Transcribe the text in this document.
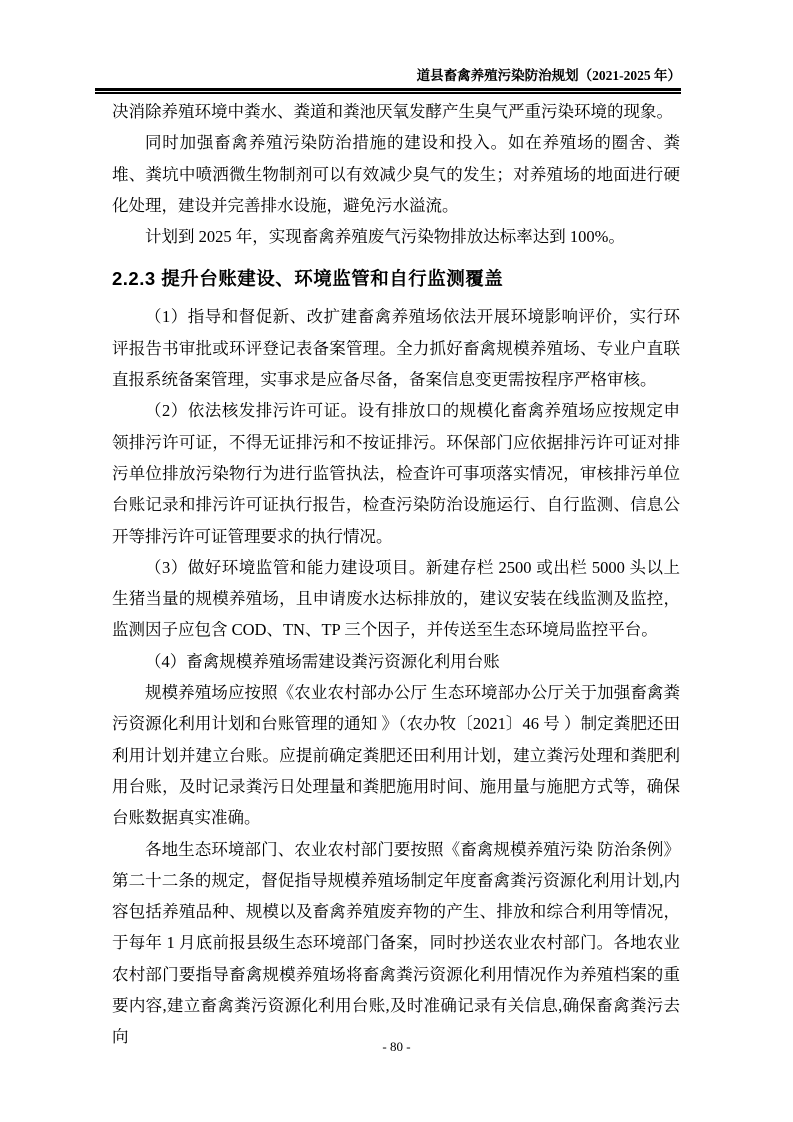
道县畜禽养殖污染防治规划（2021-2025 年）

决消除养殖环境中粪水、粪道和粪池厌氧发酵产生臭气严重污染环境的现象。

同时加强畜禽养殖污染防治措施的建设和投入。如在养殖场的圈舍、粪堆、粪坑中喷洒微生物制剂可以有效减少臭气的发生；对养殖场的地面进行硬化处理，建设并完善排水设施，避免污水溢流。

计划到 2025 年，实现畜禽养殖废气污染物排放达标率达到 100%。

2.2.3 提升台账建设、环境监管和自行监测覆盖

（1）指导和督促新、改扩建畜禽养殖场依法开展环境影响评价，实行环评报告书审批或环评登记表备案管理。全力抓好畜禽规模养殖场、专业户直联直报系统备案管理，实事求是应备尽备，备案信息变更需按程序严格审核。

（2）依法核发排污许可证。设有排放口的规模化畜禽养殖场应按规定申领排污许可证，不得无证排污和不按证排污。环保部门应依据排污许可证对排污单位排放污染物行为进行监管执法，检查许可事项落实情况，审核排污单位台账记录和排污许可证执行报告，检查污染防治设施运行、自行监测、信息公开等排污许可证管理要求的执行情况。

（3）做好环境监管和能力建设项目。新建存栏 2500 或出栏 5000 头以上生猪当量的规模养殖场，且申请废水达标排放的，建议安装在线监测及监控，监测因子应包含 COD、TN、TP 三个因子，并传送至生态环境局监控平台。

（4）畜禽规模养殖场需建设粪污资源化利用台账

规模养殖场应按照《农业农村部办公厅 生态环境部办公厅关于加强畜禽粪污资源化利用计划和台账管理的通知 》（农办牧〔2021〕46 号 ）制定粪肥还田利用计划并建立台账。应提前确定粪肥还田利用计划，建立粪污处理和粪肥利用台账，及时记录粪污日处理量和粪肥施用时间、施用量与施肥方式等，确保台账数据真实准确。

各地生态环境部门、农业农村部门要按照《畜禽规模养殖污染 防治条例》第二十二条的规定，督促指导规模养殖场制定年度畜禽粪污资源化利用计划,内容包括养殖品种、规模以及畜禽养殖废弃物的产生、排放和综合利用等情况，于每年 1 月底前报县级生态环境部门备案，同时抄送农业农村部门。各地农业农村部门要指导畜禽规模养殖场将畜禽粪污资源化利用情况作为养殖档案的重要内容,建立畜禽粪污资源化利用台账,及时准确记录有关信息,确保畜禽粪污去向

- 80 -
